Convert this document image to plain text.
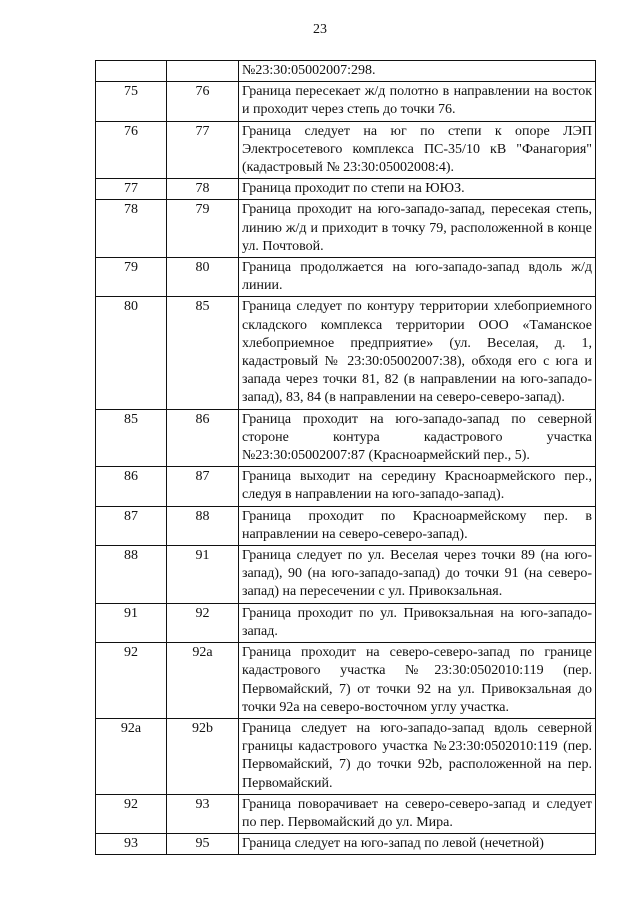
23
		№23:30:05002007:298.
75	76	Граница пересекает ж/д полотно в направлении на восток и проходит через степь до точки 76.
76	77	Граница следует на юг по степи к опоре ЛЭП Электросетевого комплекса ПС-35/10 кВ "Фанагория" (кадастровый № 23:30:05002008:4).
77	78	Граница проходит по степи на ЮЮЗ.
78	79	Граница проходит на юго-западо-запад, пересекая степь, линию ж/д и приходит в точку 79, расположенной в конце ул. Почтовой.
79	80	Граница продолжается на юго-западо-запад вдоль ж/д линии.
80	85	Граница следует по контуру территории хлебоприемного складского комплекса территории ООО «Таманское хлебоприемное предприятие» (ул. Веселая, д. 1, кадастровый № 23:30:05002007:38), обходя его с юга и запада через точки 81, 82 (в направлении на юго-западо-запад), 83, 84 (в направлении на северо-северо-запад).
85	86	Граница проходит на юго-западо-запад по северной стороне контура кадастрового участка №23:30:05002007:87 (Красноармейский пер., 5).
86	87	Граница выходит на середину Красноармейского пер., следуя в направлении на юго-западо-запад).
87	88	Граница проходит по Красноармейскому пер. в направлении на северо-северо-запад).
88	91	Граница следует по ул. Веселая через точки 89 (на юго-запад), 90 (на юго-западо-запад) до точки 91 (на северо-запад) на пересечении с ул. Привокзальная.
91	92	Граница проходит по ул. Привокзальная на юго-западо-запад.
92	92a	Граница проходит на северо-северо-запад по границе кадастрового участка №23:30:0502010:119 (пер. Первомайский, 7) от точки 92 на ул. Привокзальная до точки 92а на северо-восточном углу участка.
92a	92b	Граница следует на юго-западо-запад вдоль северной границы кадастрового участка №23:30:0502010:119 (пер. Первомайский, 7) до точки 92b, расположенной на пер. Первомайский.
92	93	Граница поворачивает на северо-северо-запад и следует по пер. Первомайский до ул. Мира.
93	95	Граница следует на юго-запад по левой (нечетной)
